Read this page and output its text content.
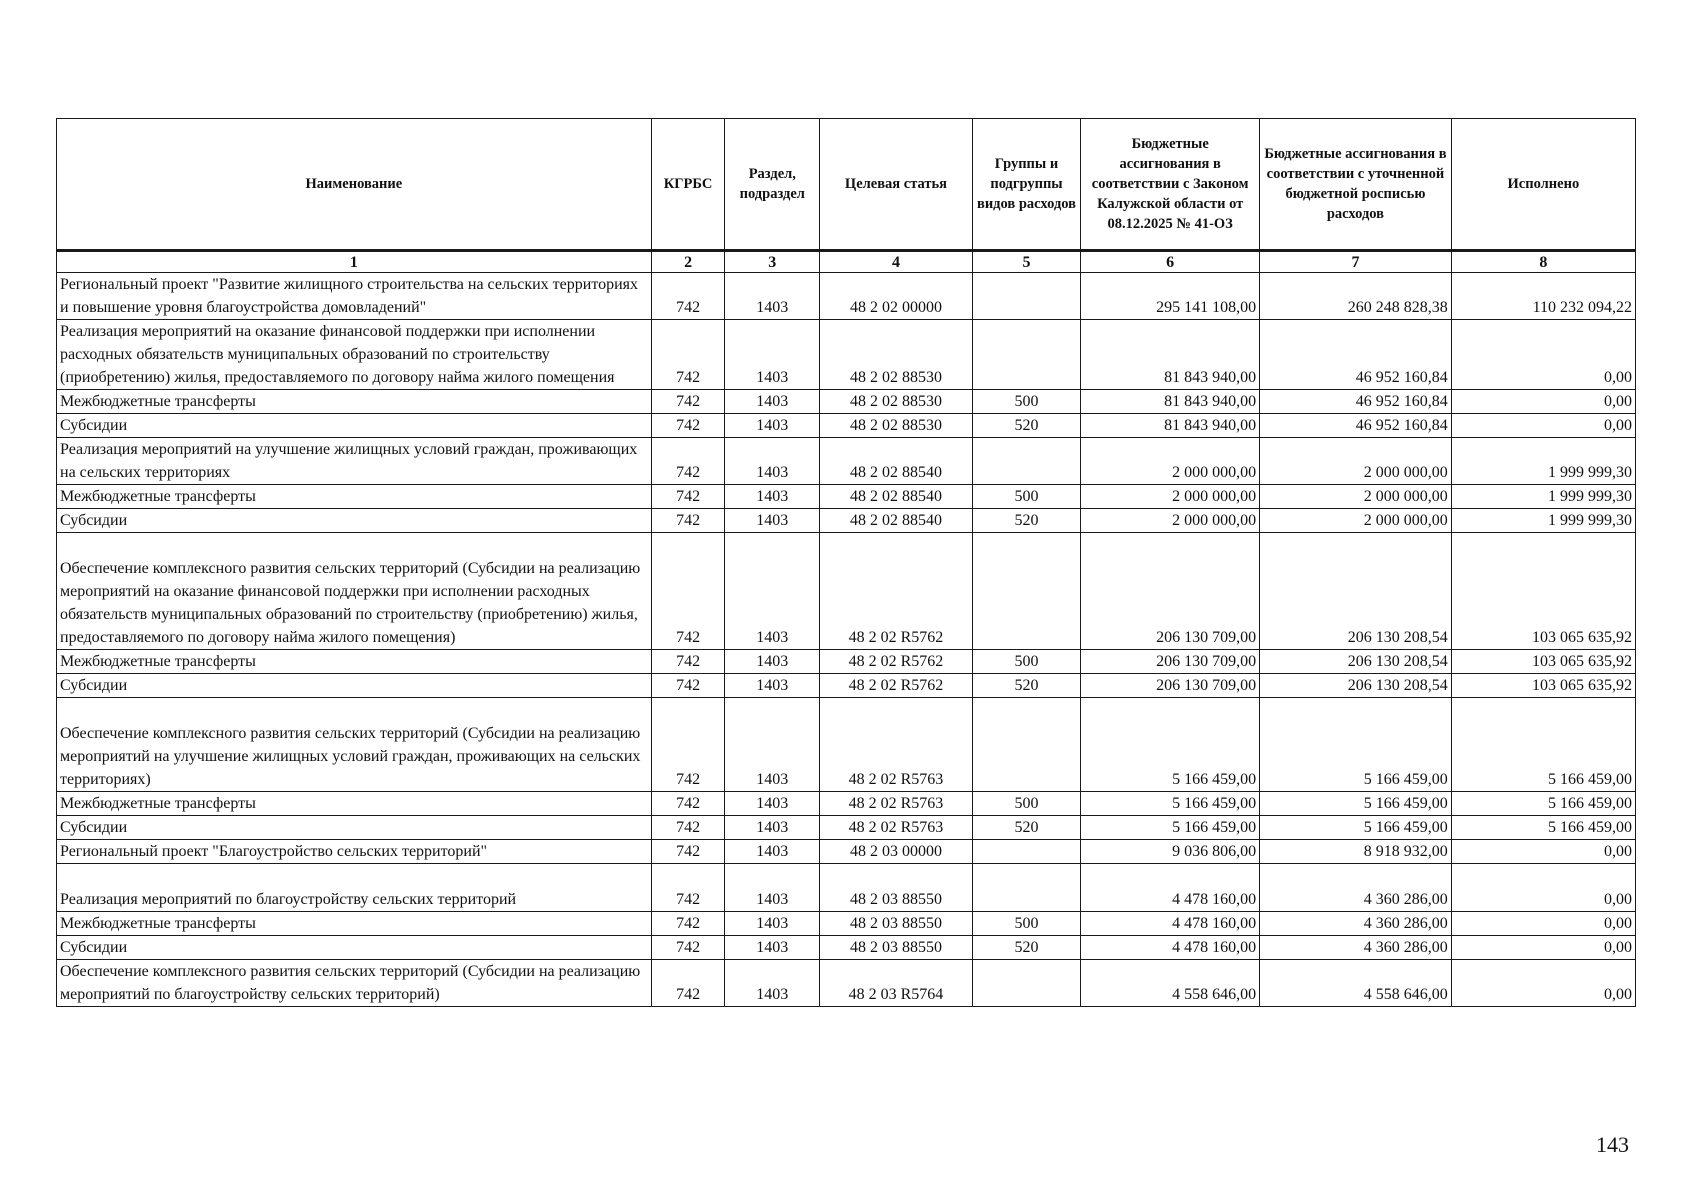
Наименование	КГРБС	Раздел, подраздел	Целевая статья	Группы и подгруппы видов расходов	Бюджетные ассигнования в соответствии с Законом Калужской области от 08.12.2025 № 41-ОЗ	Бюджетные ассигнования в соответствии с уточненной бюджетной росписью расходов	Исполнено
1	2	3	4	5	6	7	8
Региональный проект "Развитие жилищного строительства на сельских территориях и повышение уровня благоустройства домовладений"	742	1403	48 2 02 00000		295 141 108,00	260 248 828,38	110 232 094,22
Реализация мероприятий на оказание финансовой поддержки при исполнении расходных обязательств муниципальных образований по строительству (приобретению) жилья, предоставляемого по договору найма жилого помещения	742	1403	48 2 02 88530		81 843 940,00	46 952 160,84	0,00
Межбюджетные трансферты	742	1403	48 2 02 88530	500	81 843 940,00	46 952 160,84	0,00
Субсидии	742	1403	48 2 02 88530	520	81 843 940,00	46 952 160,84	0,00
Реализация мероприятий на улучшение жилищных условий граждан, проживающих на сельских территориях	742	1403	48 2 02 88540		2 000 000,00	2 000 000,00	1 999 999,30
Межбюджетные трансферты	742	1403	48 2 02 88540	500	2 000 000,00	2 000 000,00	1 999 999,30
Субсидии	742	1403	48 2 02 88540	520	2 000 000,00	2 000 000,00	1 999 999,30
Обеспечение комплексного развития сельских территорий (Субсидии на реализацию мероприятий на оказание финансовой поддержки при исполнении расходных обязательств муниципальных образований по строительству (приобретению) жилья, предоставляемого по договору найма жилого помещения)	742	1403	48 2 02 R5762		206 130 709,00	206 130 208,54	103 065 635,92
Межбюджетные трансферты	742	1403	48 2 02 R5762	500	206 130 709,00	206 130 208,54	103 065 635,92
Субсидии	742	1403	48 2 02 R5762	520	206 130 709,00	206 130 208,54	103 065 635,92
Обеспечение комплексного развития сельских территорий (Субсидии на реализацию мероприятий на улучшение жилищных условий граждан, проживающих на сельских территориях)	742	1403	48 2 02 R5763		5 166 459,00	5 166 459,00	5 166 459,00
Межбюджетные трансферты	742	1403	48 2 02 R5763	500	5 166 459,00	5 166 459,00	5 166 459,00
Субсидии	742	1403	48 2 02 R5763	520	5 166 459,00	5 166 459,00	5 166 459,00
Региональный проект "Благоустройство сельских территорий"	742	1403	48 2 03 00000		9 036 806,00	8 918 932,00	0,00
Реализация мероприятий по благоустройству сельских территорий	742	1403	48 2 03 88550		4 478 160,00	4 360 286,00	0,00
Межбюджетные трансферты	742	1403	48 2 03 88550	500	4 478 160,00	4 360 286,00	0,00
Субсидии	742	1403	48 2 03 88550	520	4 478 160,00	4 360 286,00	0,00
Обеспечение комплексного развития сельских территорий (Субсидии на реализацию мероприятий по благоустройству сельских территорий)	742	1403	48 2 03 R5764		4 558 646,00	4 558 646,00	0,00
143
